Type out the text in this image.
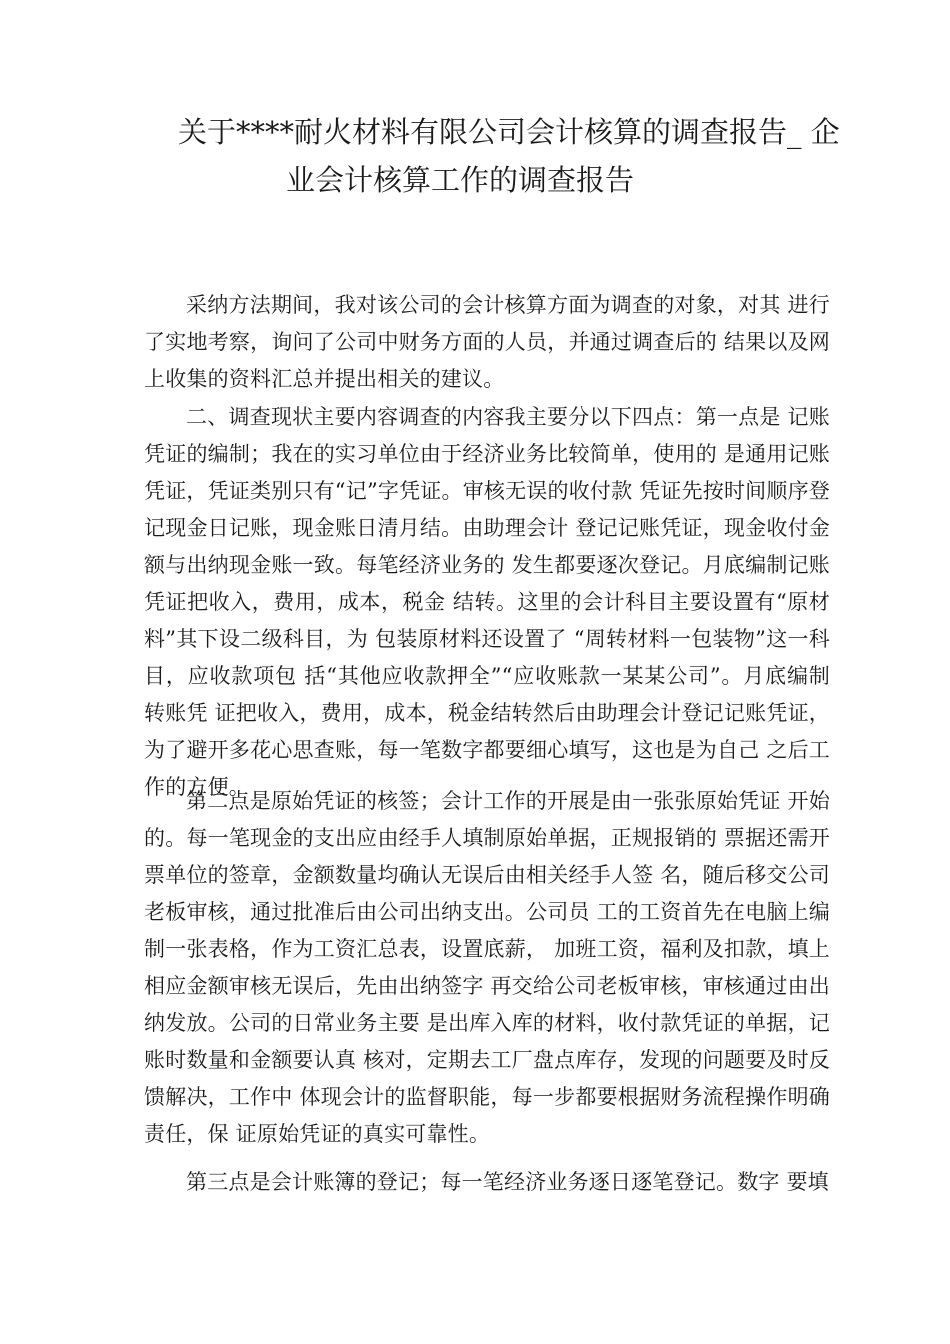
关于****耐火材料有限公司会计核算的调查报告_ 企
业会计核算工作的调查报告

采纳方法期间，我对该公司的会计核算方面为调查的对象，对其 进行了实地考察，询问了公司中财务方面的人员，并通过调查后的 结果以及网上收集的资料汇总并提出相关的建议。

二、调查现状主要内容调查的内容我主要分以下四点：第一点是 记账凭证的编制；我在的实习单位由于经济业务比较简单，使用的 是通用记账凭证，凭证类别只有“记”字凭证。审核无误的收付款 凭证先按时间顺序登记现金日记账，现金账日清月结。由助理会计 登记记账凭证，现金收付金额与出纳现金账一致。每笔经济业务的 发生都要逐次登记。月底编制记账凭证把收入，费用，成本，税金 结转。这里的会计科目主要设置有“原材料”其下设二级科目，为 包装原材料还设置了 “周转材料一包装物”这一科目，应收款项包 括“其他应收款押全”“应收账款一某某公司”。月底编制转账凭 证把收入，费用，成本，税金结转然后由助理会计登记记账凭证， 为了避开多花心思查账，每一笔数字都要细心填写，这也是为自己 之后工作的方便。

第二点是原始凭证的核签；会计工作的开展是由一张张原始凭证 开始的。每一笔现金的支出应由经手人填制原始单据，正规报销的 票据还需开票单位的签章，金额数量均确认无误后由相关经手人签 名，随后移交公司老板审核，通过批准后由公司出纳支出。公司员 工的工资首先在电脑上编制一张表格，作为工资汇总表，设置底薪， 加班工资，福利及扣款，填上相应金额审核无误后，先由出纳签字 再交给公司老板审核，审核通过由出纳发放。公司的日常业务主要 是出库入库的材料，收付款凭证的单据，记账时数量和金额要认真 核对，定期去工厂盘点库存，发现的问题要及时反馈解决，工作中 体现会计的监督职能，每一步都要根据财务流程操作明确责任，保 证原始凭证的真实可靠性。

第三点是会计账簿的登记；每一笔经济业务逐日逐笔登记。数字 要填
